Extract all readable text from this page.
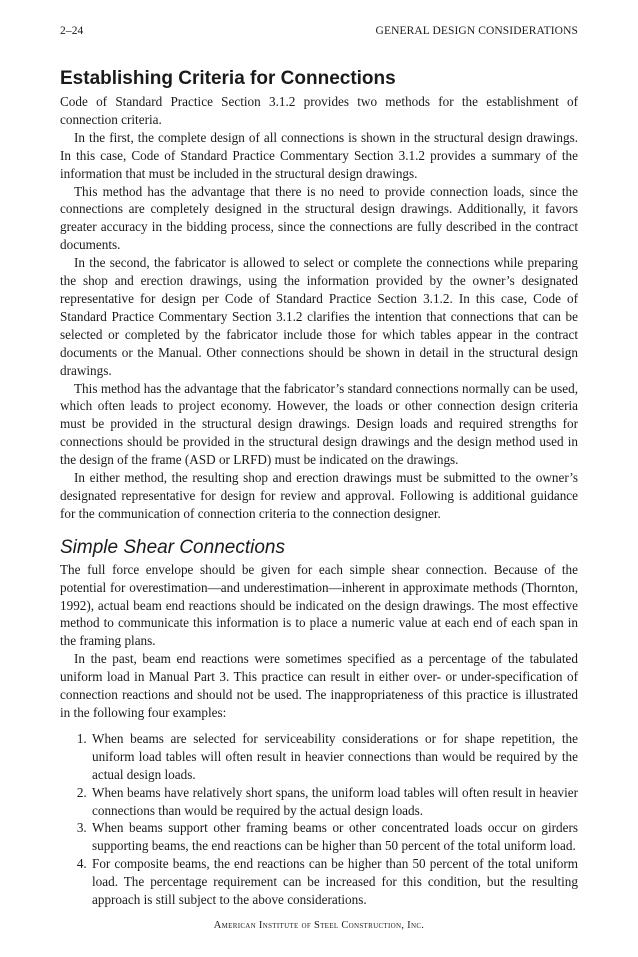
2–24	GENERAL DESIGN CONSIDERATIONS
Establishing Criteria for Connections

Code of Standard Practice Section 3.1.2 provides two methods for the establishment of connection criteria.

In the first, the complete design of all connections is shown in the structural design drawings. In this case, Code of Standard Practice Commentary Section 3.1.2 provides a summary of the information that must be included in the structural design drawings.

This method has the advantage that there is no need to provide connection loads, since the connections are completely designed in the structural design drawings. Additionally, it favors greater accuracy in the bidding process, since the connections are fully described in the contract documents.

In the second, the fabricator is allowed to select or complete the connections while preparing the shop and erection drawings, using the information provided by the owner’s designated representative for design per Code of Standard Practice Section 3.1.2. In this case, Code of Standard Practice Commentary Section 3.1.2 clarifies the intention that connections that can be selected or completed by the fabricator include those for which tables appear in the contract documents or the Manual. Other connections should be shown in detail in the structural design drawings.

This method has the advantage that the fabricator’s standard connections normally can be used, which often leads to project economy. However, the loads or other connection design criteria must be provided in the structural design drawings. Design loads and required strengths for connections should be provided in the structural design drawings and the design method used in the design of the frame (ASD or LRFD) must be indicated on the drawings.

In either method, the resulting shop and erection drawings must be submitted to the owner’s designated representative for design for review and approval. Following is additional guidance for the communication of connection criteria to the connection designer.

Simple Shear Connections

The full force envelope should be given for each simple shear connection. Because of the potential for overestimation—and underestimation—inherent in approximate methods (Thornton, 1992), actual beam end reactions should be indicated on the design drawings. The most effective method to communicate this information is to place a numeric value at each end of each span in the framing plans.

In the past, beam end reactions were sometimes specified as a percentage of the tabulated uniform load in Manual Part 3. This practice can result in either over- or under-specification of connection reactions and should not be used. The inappropriateness of this practice is illustrated in the following four examples:

1. When beams are selected for serviceability considerations or for shape repetition, the uniform load tables will often result in heavier connections than would be required by the actual design loads.
2. When beams have relatively short spans, the uniform load tables will often result in heavier connections than would be required by the actual design loads.
3. When beams support other framing beams or other concentrated loads occur on girders supporting beams, the end reactions can be higher than 50 percent of the total uniform load.
4. For composite beams, the end reactions can be higher than 50 percent of the total uniform load. The percentage requirement can be increased for this condition, but the resulting approach is still subject to the above considerations.
American Institute of Steel Construction, Inc.
